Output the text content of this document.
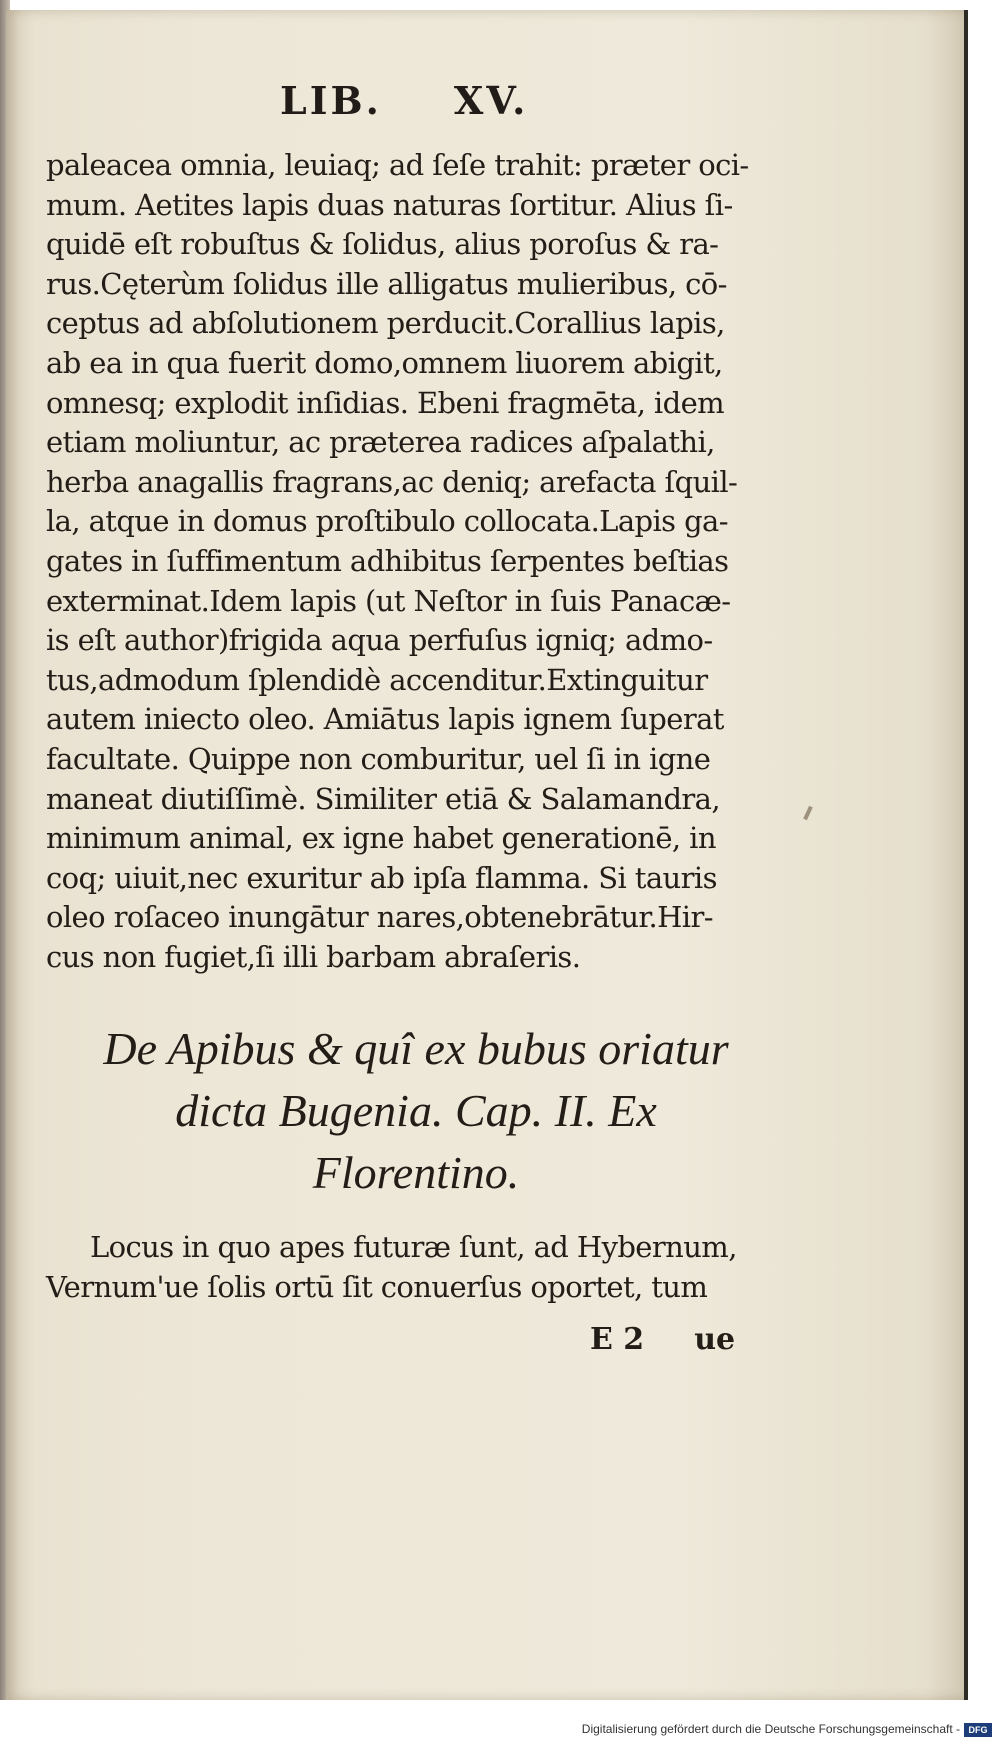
LIB. XV.
paleacea omnia, leuiaq; ad ſeſe trahit: præter oci-
mum. Aetites lapis duas naturas ſortitur. Alius ſi-
quidē eſt robuſtus & ſolidus, alius poroſus & ra-
rus.Cęterùm ſolidus ille alligatus mulieribus, cō-
ceptus ad abſolutionem perducit.Corallius lapis,
ab ea in qua fuerit domo,omnem liuorem abigit,
omnesq; explodit inſidias. Ebeni fragmēta, idem
etiam moliuntur, ac præterea radices aſpalathi,
herba anagallis fragrans,ac deniq; arefacta ſquil-
la, atque in domus proſtibulo collocata.Lapis ga-
gates in ſuffimentum adhibitus ſerpentes beſtias
exterminat.Idem lapis (ut Neſtor in ſuis Panacæ-
is eſt author)frigida aqua perfuſus igniq; admo-
tus,admodum ſplendidè accenditur.Extinguitur
autem iniecto oleo. Amiātus lapis ignem ſuperat
facultate. Quippe non comburitur, uel ſi in igne
maneat diutiſſimè. Similiter etiā & Salamandra,
minimum animal, ex igne habet generationē, in
coq; uiuit,nec exuritur ab ipſa flamma. Si tauris
oleo roſaceo inungātur nares,obtenebrātur.Hir-
cus non fugiet,ſi illi barbam abraſeris.
De Apibus & quî ex bubus oriatur
dicta Bugenia. Cap. II. Ex
Florentino.
Locus in quo apes futuræ ſunt, ad Hybernum,
Vernum'ue ſolis ortū ſit conuerſus oportet, tum
E 2 ue
Digitalisierung gefördert durch die Deutsche Forschungsgemeinschaft - DFG
